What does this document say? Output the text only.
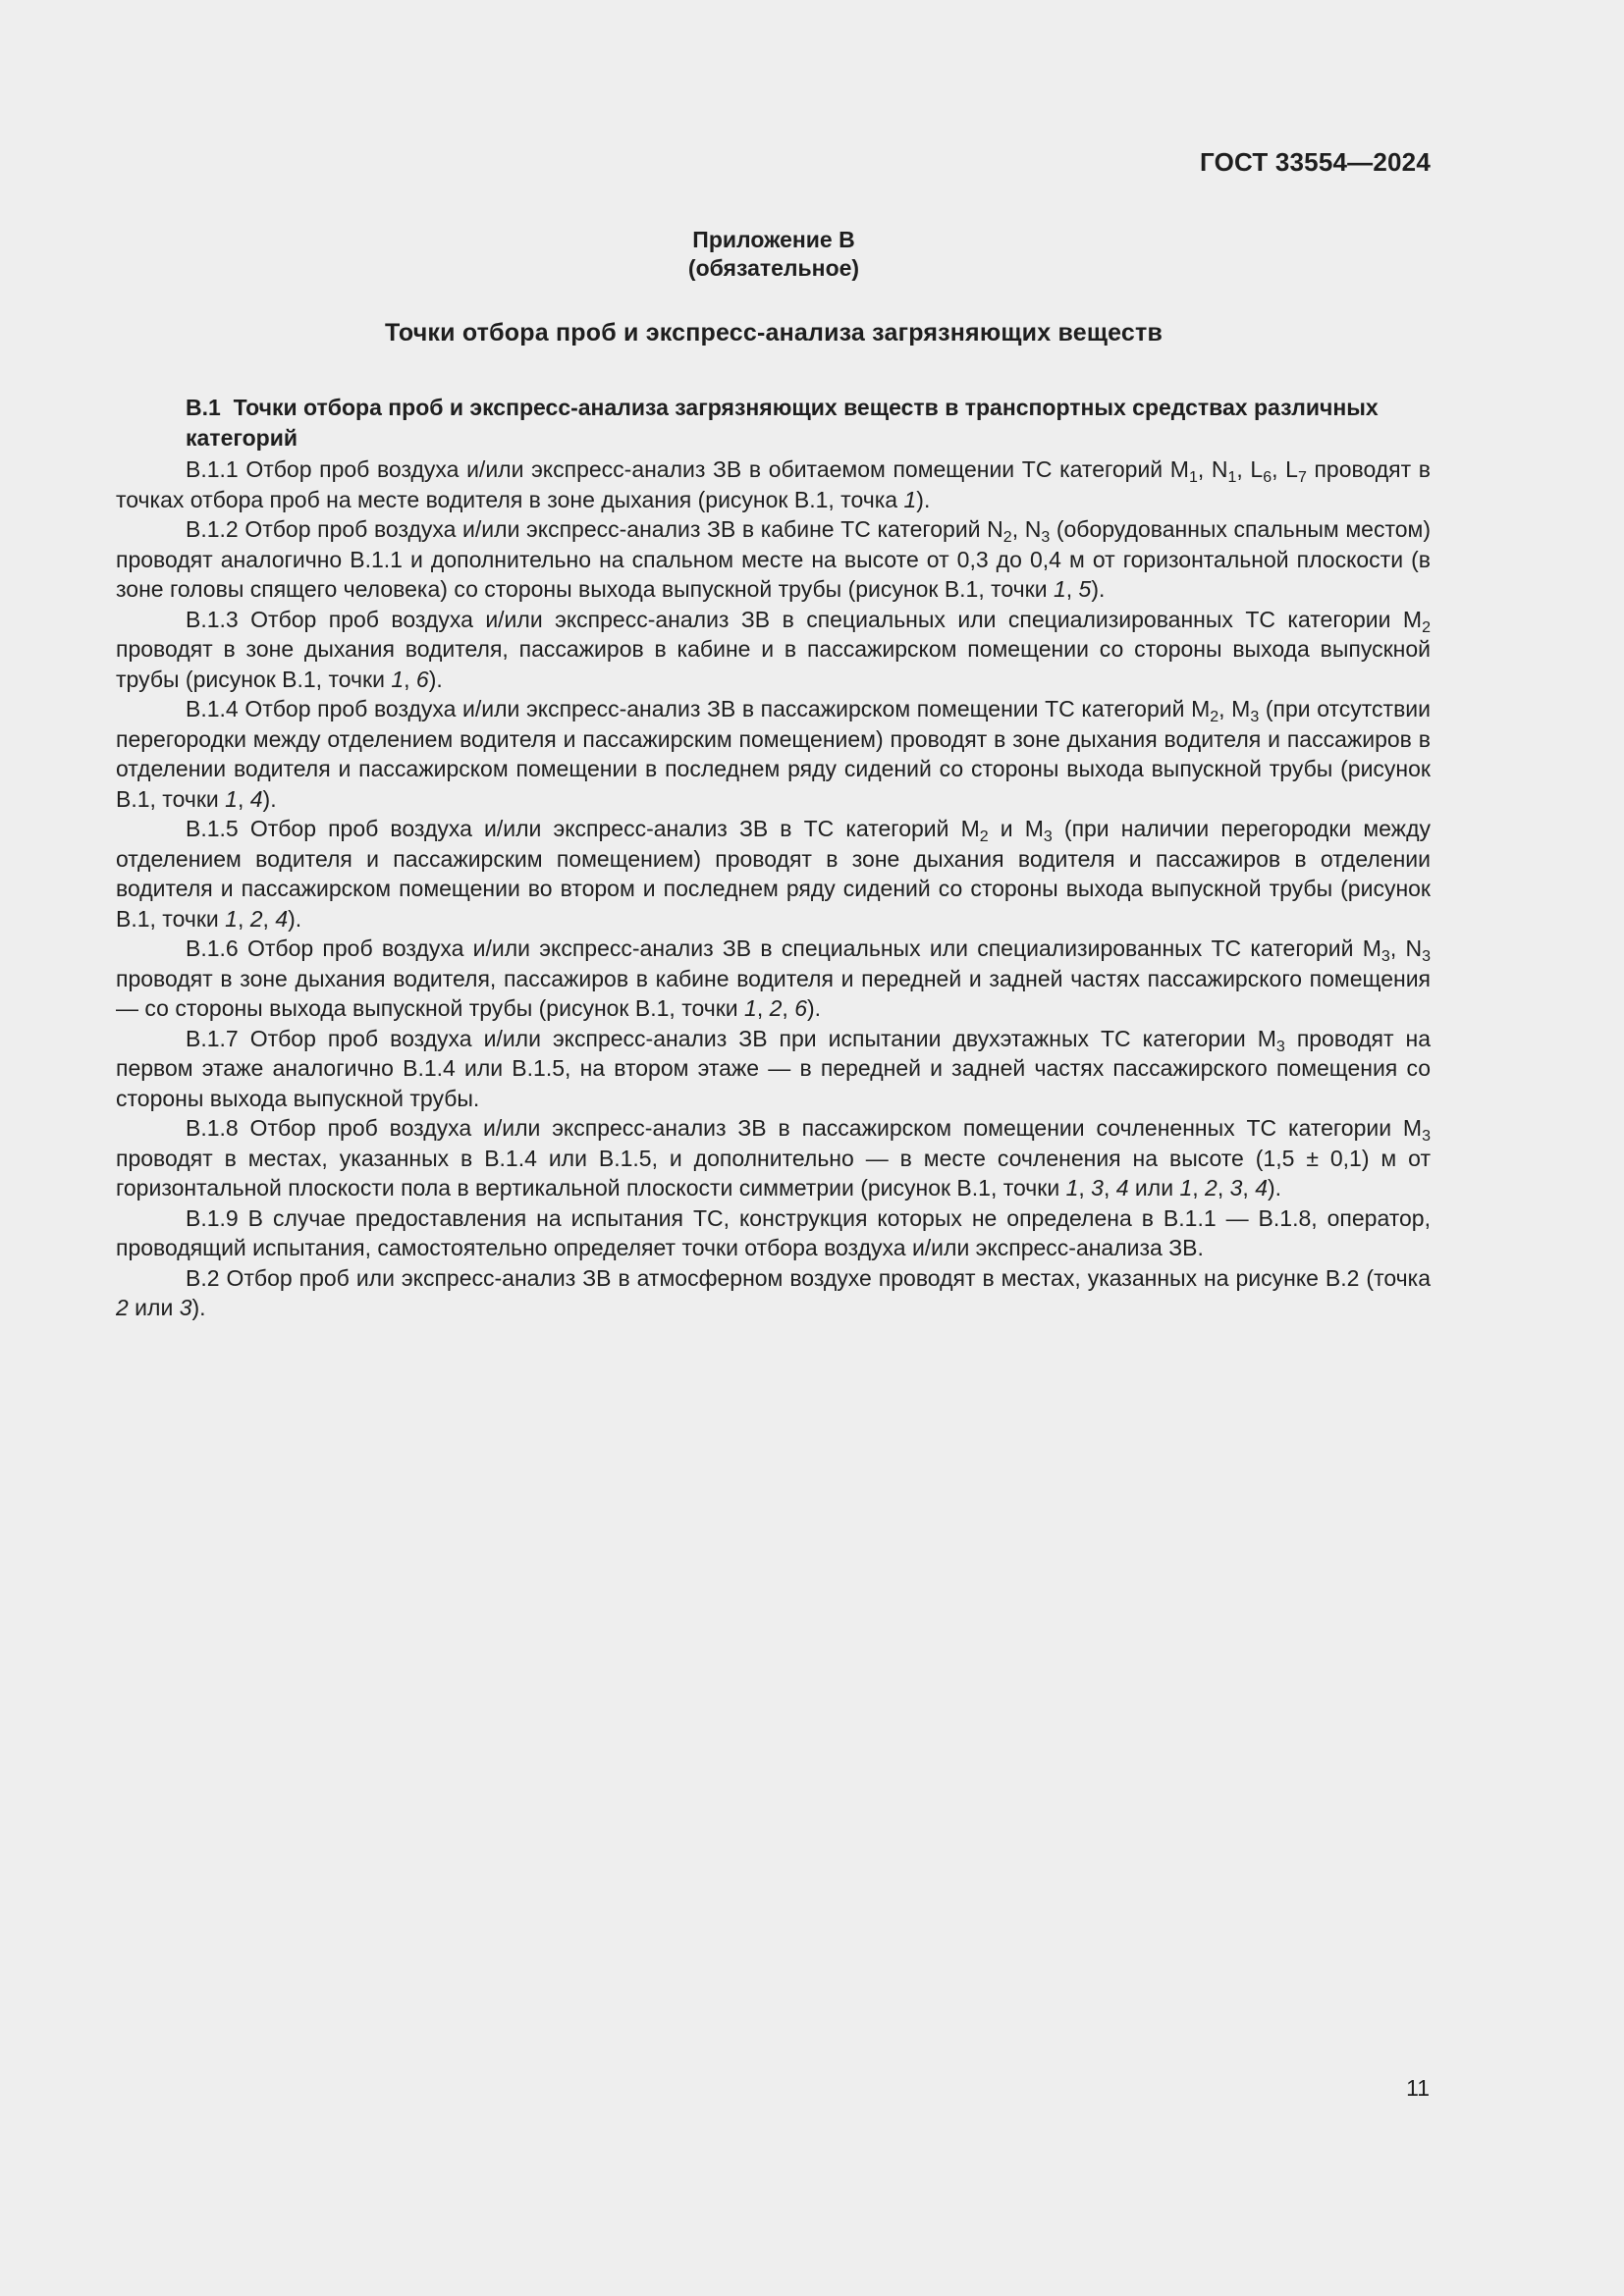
ГОСТ 33554—2024
Приложение В
(обязательное)
Точки отбора проб и экспресс-анализа загрязняющих веществ

В.1 Точки отбора проб и экспресс-анализа загрязняющих веществ в транспортных средствах различных категорий

В.1.1 Отбор проб воздуха и/или экспресс-анализ ЗВ в обитаемом помещении ТС категорий $M_1$, $N_1$, $L_6$, $L_7$ проводят в точках отбора проб на месте водителя в зоне дыхания (рисунок В.1, точка 1).

В.1.2 Отбор проб воздуха и/или экспресс-анализ ЗВ в кабине ТС категорий $N_2$, $N_3$ (оборудованных спальным местом) проводят аналогично В.1.1 и дополнительно на спальном месте на высоте от 0,3 до 0,4 м от горизонтальной плоскости (в зоне головы спящего человека) со стороны выхода выпускной трубы (рисунок В.1, точки 1, 5).

В.1.3 Отбор проб воздуха и/или экспресс-анализ ЗВ в специальных или специализированных ТС категории $M_2$ проводят в зоне дыхания водителя, пассажиров в кабине и в пассажирском помещении со стороны выхода выпускной трубы (рисунок В.1, точки 1, 6).

В.1.4 Отбор проб воздуха и/или экспресс-анализ ЗВ в пассажирском помещении ТС категорий $M_2$, $M_3$ (при отсутствии перегородки между отделением водителя и пассажирским помещением) проводят в зоне дыхания водителя и пассажиров в отделении водителя и пассажирском помещении в последнем ряду сидений со стороны выхода выпускной трубы (рисунок В.1, точки 1, 4).

В.1.5 Отбор проб воздуха и/или экспресс-анализ ЗВ в ТС категорий $M_2$ и $M_3$ (при наличии перегородки между отделением водителя и пассажирским помещением) проводят в зоне дыхания водителя и пассажиров в отделении водителя и пассажирском помещении во втором и последнем ряду сидений со стороны выхода выпускной трубы (рисунок В.1, точки 1, 2, 4).

В.1.6 Отбор проб воздуха и/или экспресс-анализ ЗВ в специальных или специализированных ТС категорий $M_3$, $N_3$ проводят в зоне дыхания водителя, пассажиров в кабине водителя и передней и задней частях пассажирского помещения — со стороны выхода выпускной трубы (рисунок В.1, точки 1, 2, 6).

В.1.7 Отбор проб воздуха и/или экспресс-анализ ЗВ при испытании двухэтажных ТС категории $M_3$ проводят на первом этаже аналогично В.1.4 или В.1.5, на втором этаже — в передней и задней частях пассажирского помещения со стороны выхода выпускной трубы.

В.1.8 Отбор проб воздуха и/или экспресс-анализ ЗВ в пассажирском помещении сочлененных ТС категории $M_3$ проводят в местах, указанных в В.1.4 или В.1.5, и дополнительно — в месте сочленения на высоте (1,5 ± 0,1) м от горизонтальной плоскости пола в вертикальной плоскости симметрии (рисунок В.1, точки 1, 3, 4 или 1, 2, 3, 4).

В.1.9 В случае предоставления на испытания ТС, конструкция которых не определена в В.1.1 — В.1.8, оператор, проводящий испытания, самостоятельно определяет точки отбора воздуха и/или экспресс-анализа ЗВ.

В.2 Отбор проб или экспресс-анализ ЗВ в атмосферном воздухе проводят в местах, указанных на рисунке В.2 (точка 2 или 3).

11
